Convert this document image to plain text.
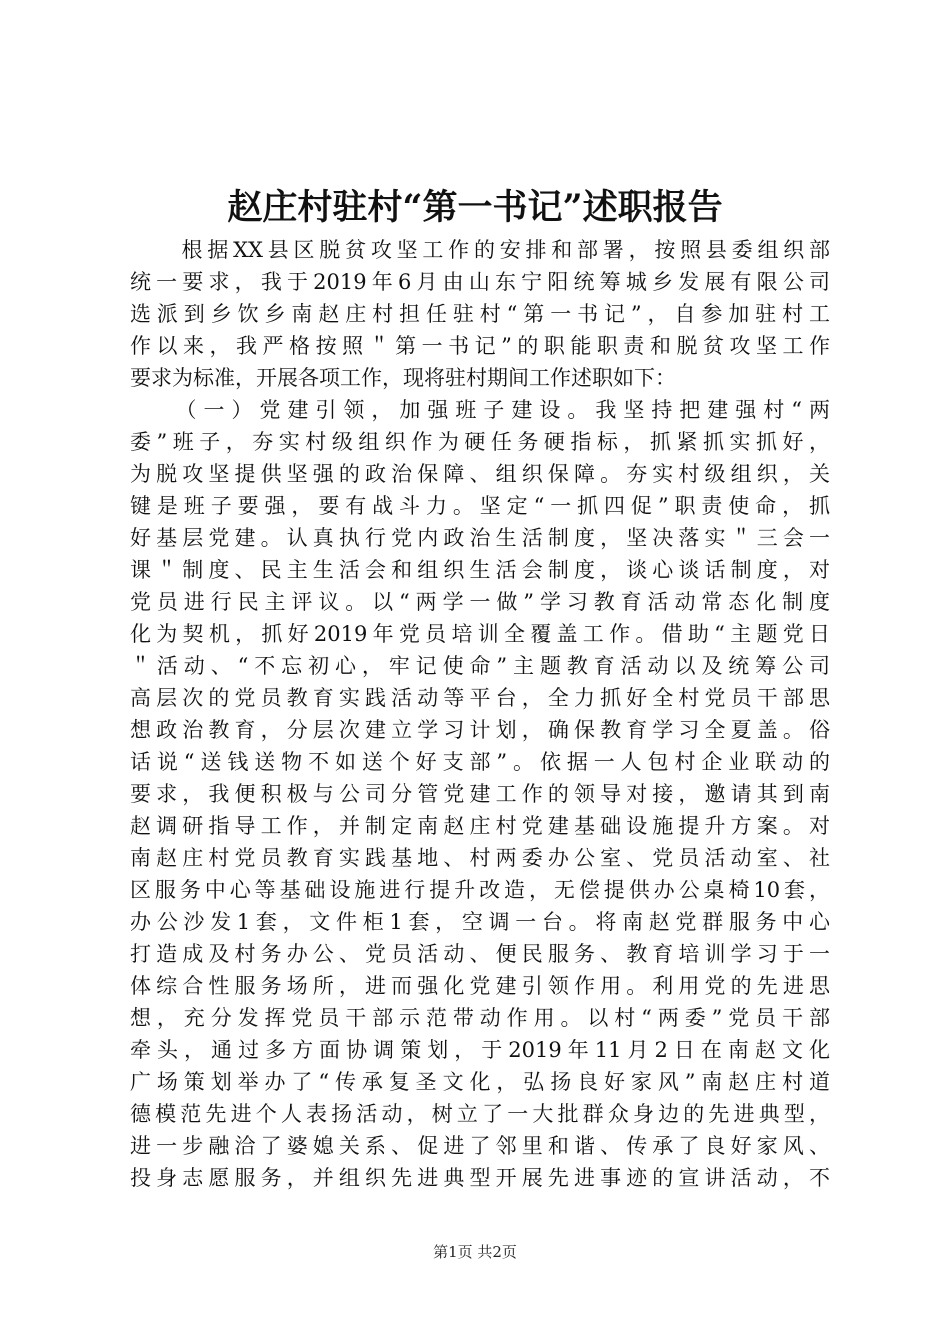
赵庄村驻村“第一书记”述职报告
　　根据XX县区脱贫攻坚工作的安排和部署，按照县委组织部
统一要求，我于2019年6月由山东宁阳统筹城乡发展有限公司
选派到乡饮乡南赵庄村担任驻村“第一书记”，自参加驻村工
作以来，我严格按照＂第一书记”的职能职责和脱贫攻坚工作
要求为标准，开展各项工作，现将驻村期间工作述职如下：
　　（一）党建引领，加强班子建设。我坚持把建强村“两
委”班子，夯实村级组织作为硬任务硬指标，抓紧抓实抓好，
为脱攻坚提供坚强的政治保障、组织保障。夯实村级组织，关
键是班子要强，要有战斗力。坚定“一抓四促”职责使命，抓
好基层党建。认真执行党内政治生活制度，坚决落实＂三会一
课＂制度、民主生活会和组织生活会制度，谈心谈话制度，对
党员进行民主评议。以“两学一做”学习教育活动常态化制度
化为契机，抓好2019年党员培训全覆盖工作。借助“主题党日
＂活动、“不忘初心，牢记使命”主题教育活动以及统筹公司
高层次的党员教育实践活动等平台，全力抓好全村党员干部思
想政治教育，分层次建立学习计划，确保教育学习全夏盖。俗
话说“送钱送物不如送个好支部”。依据一人包村企业联动的
要求，我便积极与公司分管党建工作的领导对接，邀请其到南
赵调研指导工作，并制定南赵庄村党建基础设施提升方案。对
南赵庄村党员教育实践基地、村两委办公室、党员活动室、社
区服务中心等基础设施进行提升改造，无偿提供办公桌椅10套，
办公沙发1套，文件柜1套，空调一台。将南赵党群服务中心
打造成及村务办公、党员活动、便民服务、教育培训学习于一
体综合性服务场所，进而强化党建引领作用。利用党的先进思
想，充分发挥党员干部示范带动作用。以村“两委”党员干部
牵头，通过多方面协调策划，于2019年11月2日在南赵文化
广场策划举办了“传承复圣文化，弘扬良好家风”南赵庄村道
德模范先进个人表扬活动，树立了一大批群众身边的先进典型，
进一步融洽了婆媳关系、促进了邻里和谐、传承了良好家风、
投身志愿服务，并组织先进典型开展先进事迹的宣讲活动，不
第1页 共2页
